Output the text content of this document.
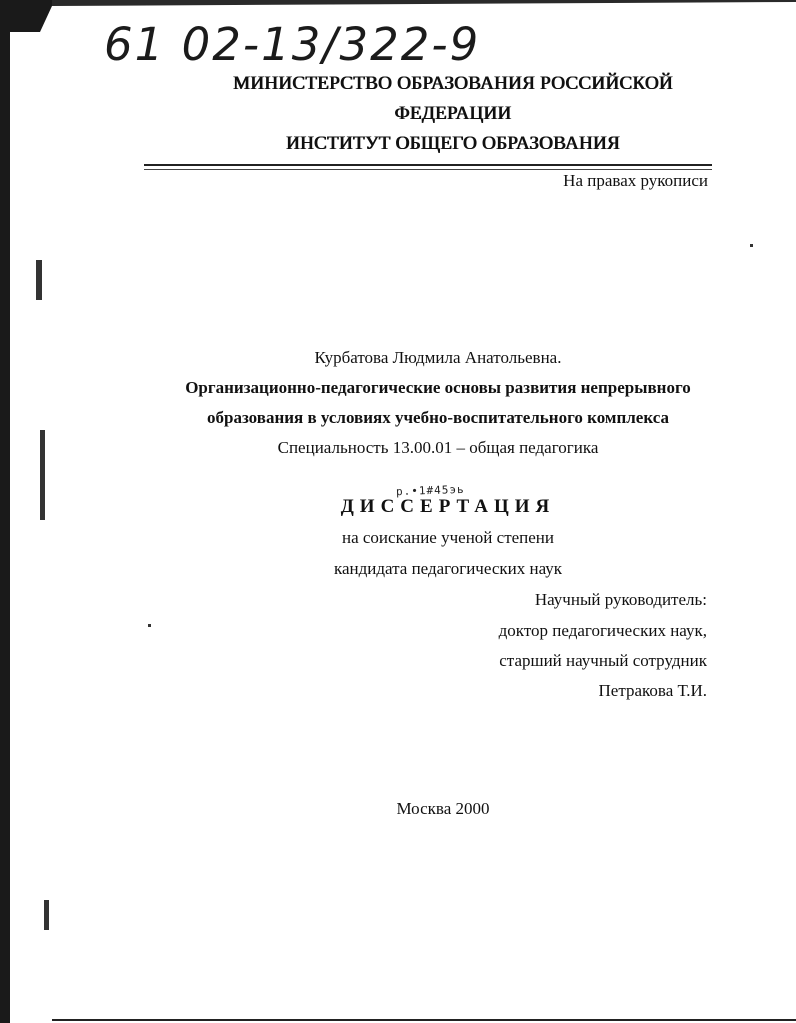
61 02-13/322-9
МИНИСТЕРСТВО ОБРАЗОВАНИЯ РОССИЙСКОЙ
ФЕДЕРАЦИИ
ИНСТИТУТ ОБЩЕГО ОБРАЗОВАНИЯ
На правах рукописи
Курбатова Людмила Анатольевна.
Организационно-педагогические основы развития непрерывного
образования в условиях учебно-воспитательного комплекса
Специальность 13.00.01 – общая педагогика
р.•1#45эь
ДИССЕРТАЦИЯ
на соискание ученой степени
кандидата педагогических наук
Научный руководитель:
доктор педагогических наук,
старший научный сотрудник
Петракова Т.И.
Москва 2000
